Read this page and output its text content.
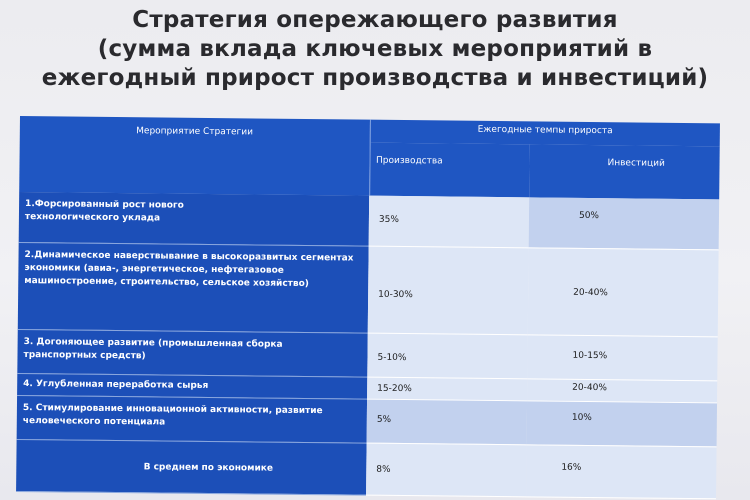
Стратегия опережающего развития
(сумма вклада ключевых мероприятий в
ежегодный прирост производства и инвестиций)
Мероприятие Стратегии	Ежегодные темпы прироста	
	Производства	Инвестиций
1.Форсированный рост нового технологического уклада	35%	50%
2.Динамическое наверствывание в высокоразвитых сегментах экономики (авиа-, энергетическое, нефтегазовое машиностроение, строительство, сельское хозяйство)	10-30%	20-40%
3. Догоняющее развитие (промышленная сборка транспортных средств)	5-10%	10-15%
4. Углубленная переработка сырья	15-20%	20-40%
5. Стимулирование инновационной активности, развитие человеческого потенциала	5%	10%
В среднем по экономике	8%	16%
